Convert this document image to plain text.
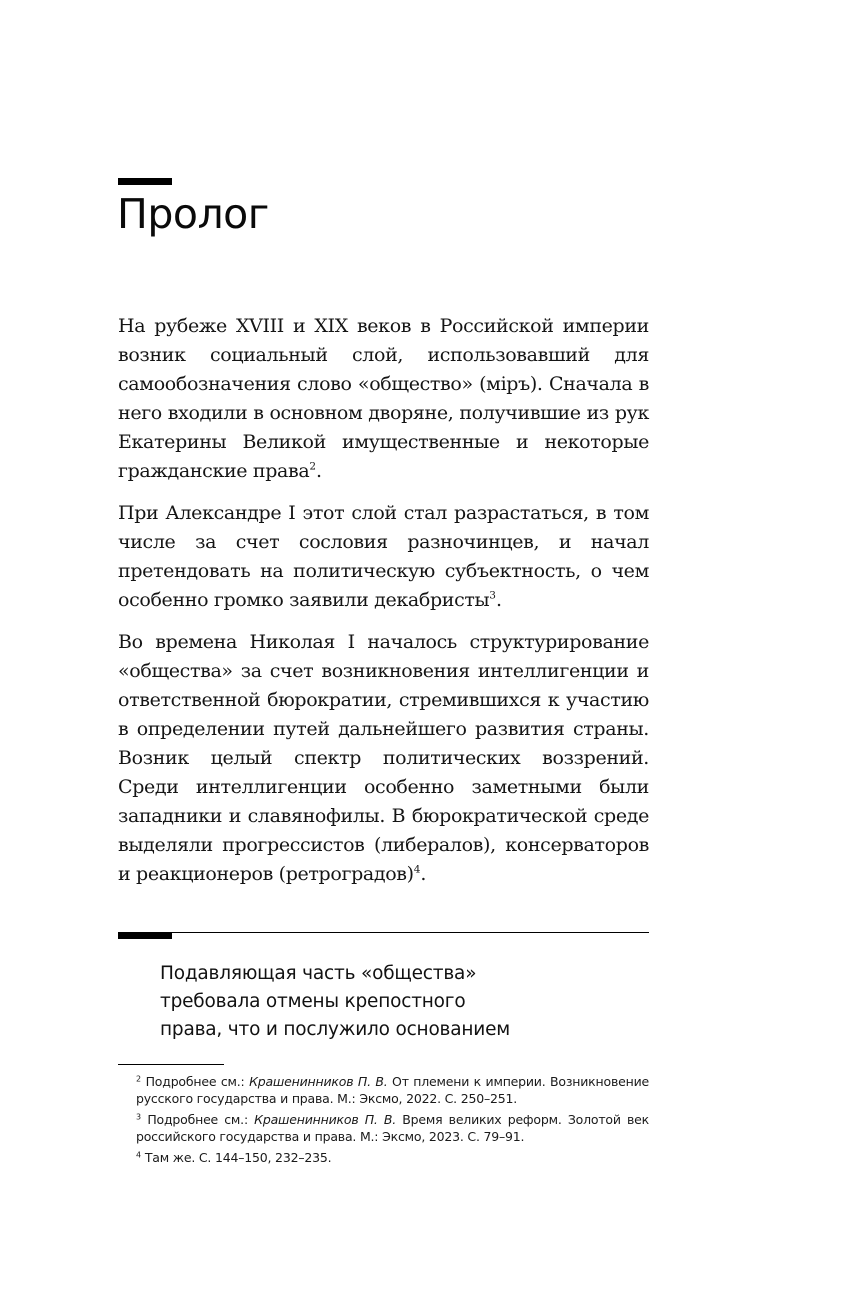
Пролог

На рубеже XVIII и XIX веков в Российской империи возник социальный слой, использовавший для самообозначения слово «общество» (міръ). Сначала в него входили в основном дворяне, получившие из рук Екатерины Великой имущественные и некоторые гражданские права$^2$.

При Александре I этот слой стал разрастаться, в том числе за счет сословия разночинцев, и начал претендовать на политическую субъектность, о чем особенно громко заявили декабристы$^3$.

Во времена Николая I началось структурирование «общества» за счет возникновения интеллигенции и ответственной бюрократии, стремившихся к участию в определении путей дальнейшего развития страны. Возник целый спектр политических воззрений. Среди интеллигенции особенно заметными были западники и славянофилы. В бюрократической среде выделяли прогрессистов (либералов), консерваторов и реакционеров (ретроградов)$^4$.

Подавляющая часть «общества»
требовала отмены крепостного
права, что и послужило основанием

$^2$ Подробнее см.: Крашенинников П. В. От племени к империи. Возникновение русского государства и права. М.: Эксмо, 2022. С. 250–251.

$^3$ Подробнее см.: Крашенинников П. В. Время великих реформ. Золотой век российского государства и права. М.: Эксмо, 2023. С. 79–91.

$^4$ Там же. С. 144–150, 232–235.
